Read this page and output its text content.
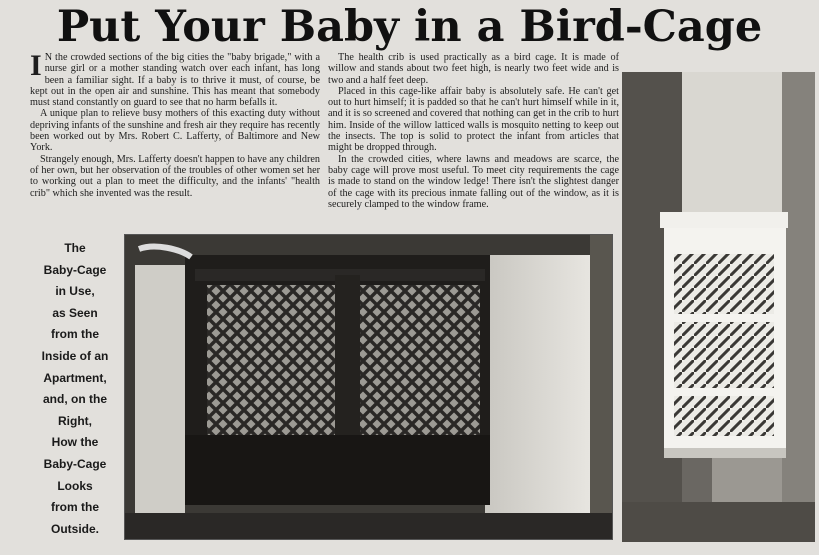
Put Your Baby in a Bird-Cage

I N the crowded sections of the big cities the "baby brigade," with a nurse girl or a mother standing watch over each infant, has long been a familiar sight. If a baby is to thrive it must, of course, be kept out in the open air and sunshine. This has meant that somebody must stand constantly on guard to see that no harm befalls it.

A unique plan to relieve busy mothers of this exacting duty without depriving infants of the sunshine and fresh air they require has recently been worked out by Mrs. Robert C. Lafferty, of Baltimore and New York.

Strangely enough, Mrs. Lafferty doesn't happen to have any children of her own, but her observation of the troubles of other women set her to working out a plan to meet the difficulty, and the infants' "health crib" which she invented was the result.

The health crib is used practically as a bird cage. It is made of willow and stands about two feet high, is nearly two feet wide and is two and a half feet deep.

Placed in this cage-like affair baby is absolutely safe. He can't get out to hurt himself; it is padded so that he can't hurt himself while in it, and it is so screened and covered that nothing can get in the crib to hurt him. Inside of the willow latticed walls is mosquito netting to keep out the insects. The top is solid to protect the infant from articles that might be dropped through.

In the crowded cities, where lawns and meadows are scarce, the baby cage will prove most useful. To meet city requirements the cage is made to stand on the window ledge! There isn't the slightest danger of the cage with its precious inmate falling out of the window, as it is securely clamped to the window frame.

The
Baby-Cage
in Use,
as Seen
from the
Inside of an
Apartment,
and, on the
Right,
How the
Baby-Cage
Looks
from the
Outside.
